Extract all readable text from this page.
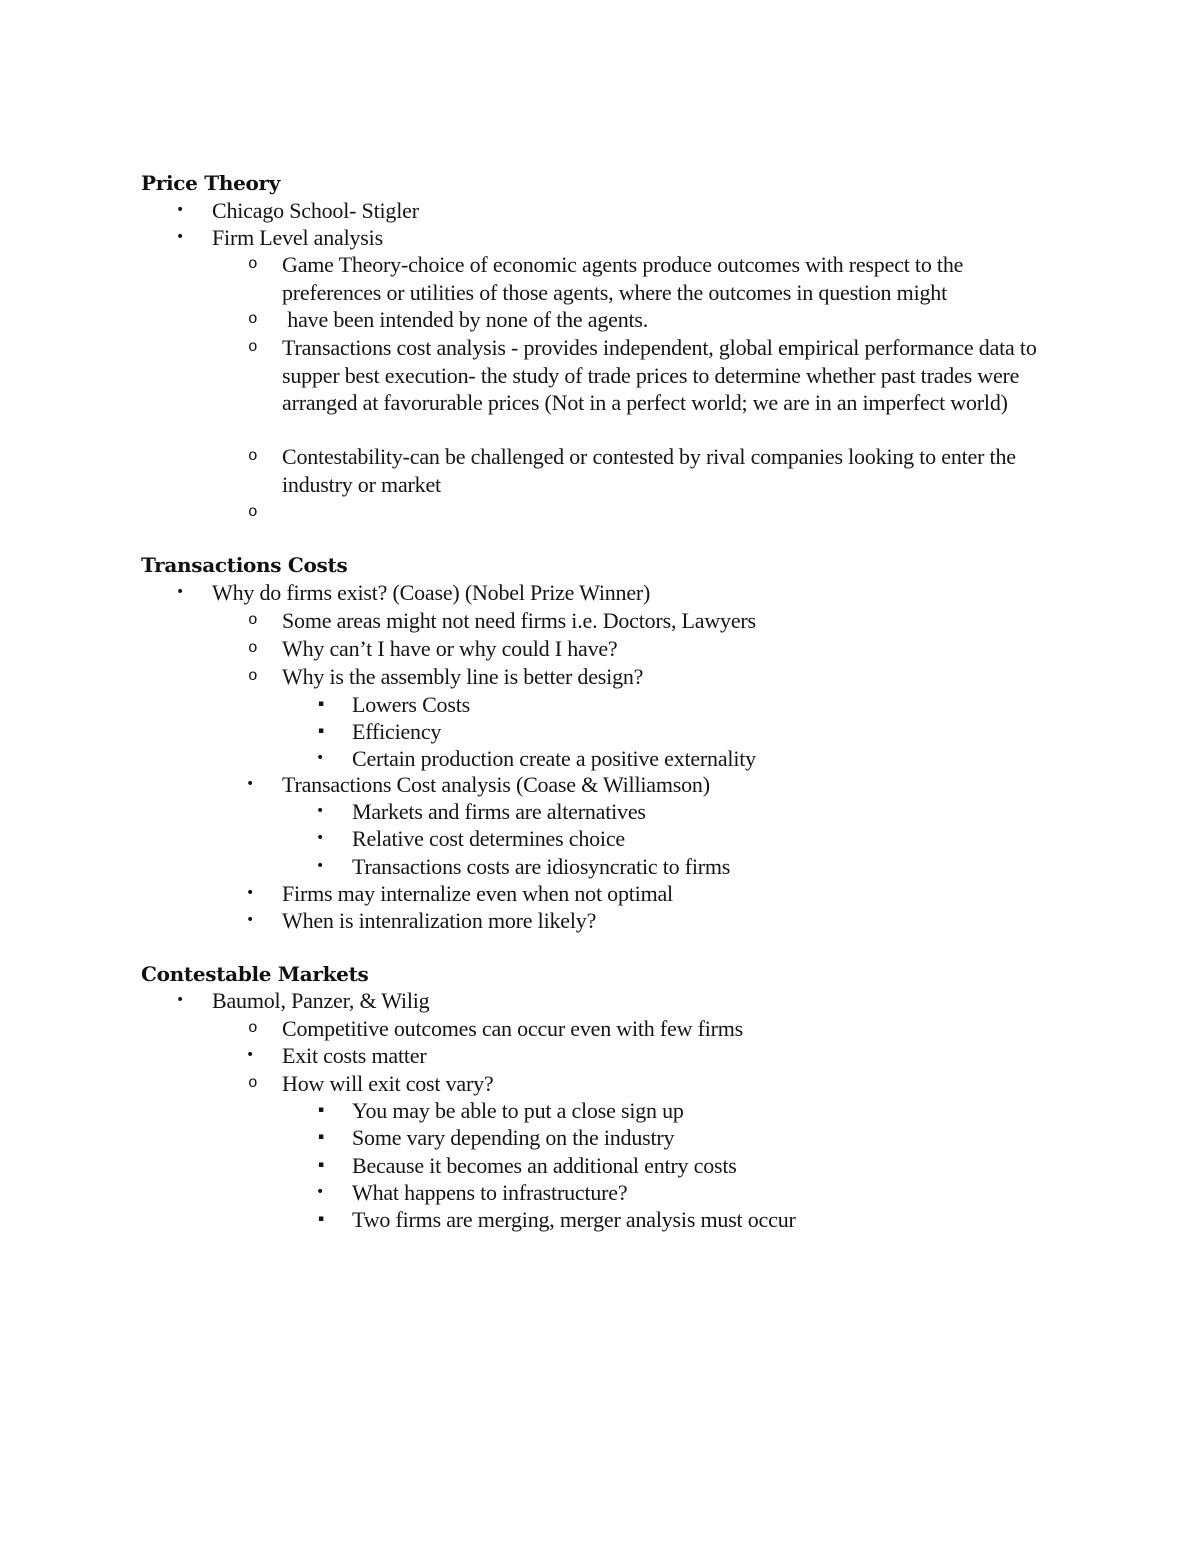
Price Theory
• Chicago School- Stigler
• Firm Level analysis
o Game Theory-choice of economic agents produce outcomes with respect to the preferences or utilities of those agents, where the outcomes in question might
o have been intended by none of the agents.
o Transactions cost analysis - provides independent, global empirical performance data to supper best execution- the study of trade prices to determine whether past trades were arranged at favorurable prices (Not in a perfect world; we are in an imperfect world)
o Contestability-can be challenged or contested by rival companies looking to enter the industry or market
o
Transactions Costs
• Why do firms exist? (Coase) (Nobel Prize Winner)
o Some areas might not need firms i.e. Doctors, Lawyers
o Why can’t I have or why could I have?
o Why is the assembly line is better design?
▪ Lowers Costs
▪ Efficiency
• Certain production create a positive externality
• Transactions Cost analysis (Coase & Williamson)
• Markets and firms are alternatives
• Relative cost determines choice
• Transactions costs are idiosyncratic to firms
• Firms may internalize even when not optimal
• When is intenralization more likely?
Contestable Markets
• Baumol, Panzer, & Wilig
o Competitive outcomes can occur even with few firms
• Exit costs matter
o How will exit cost vary?
▪ You may be able to put a close sign up
▪ Some vary depending on the industry
▪ Because it becomes an additional entry costs
• What happens to infrastructure?
▪ Two firms are merging, merger analysis must occur
